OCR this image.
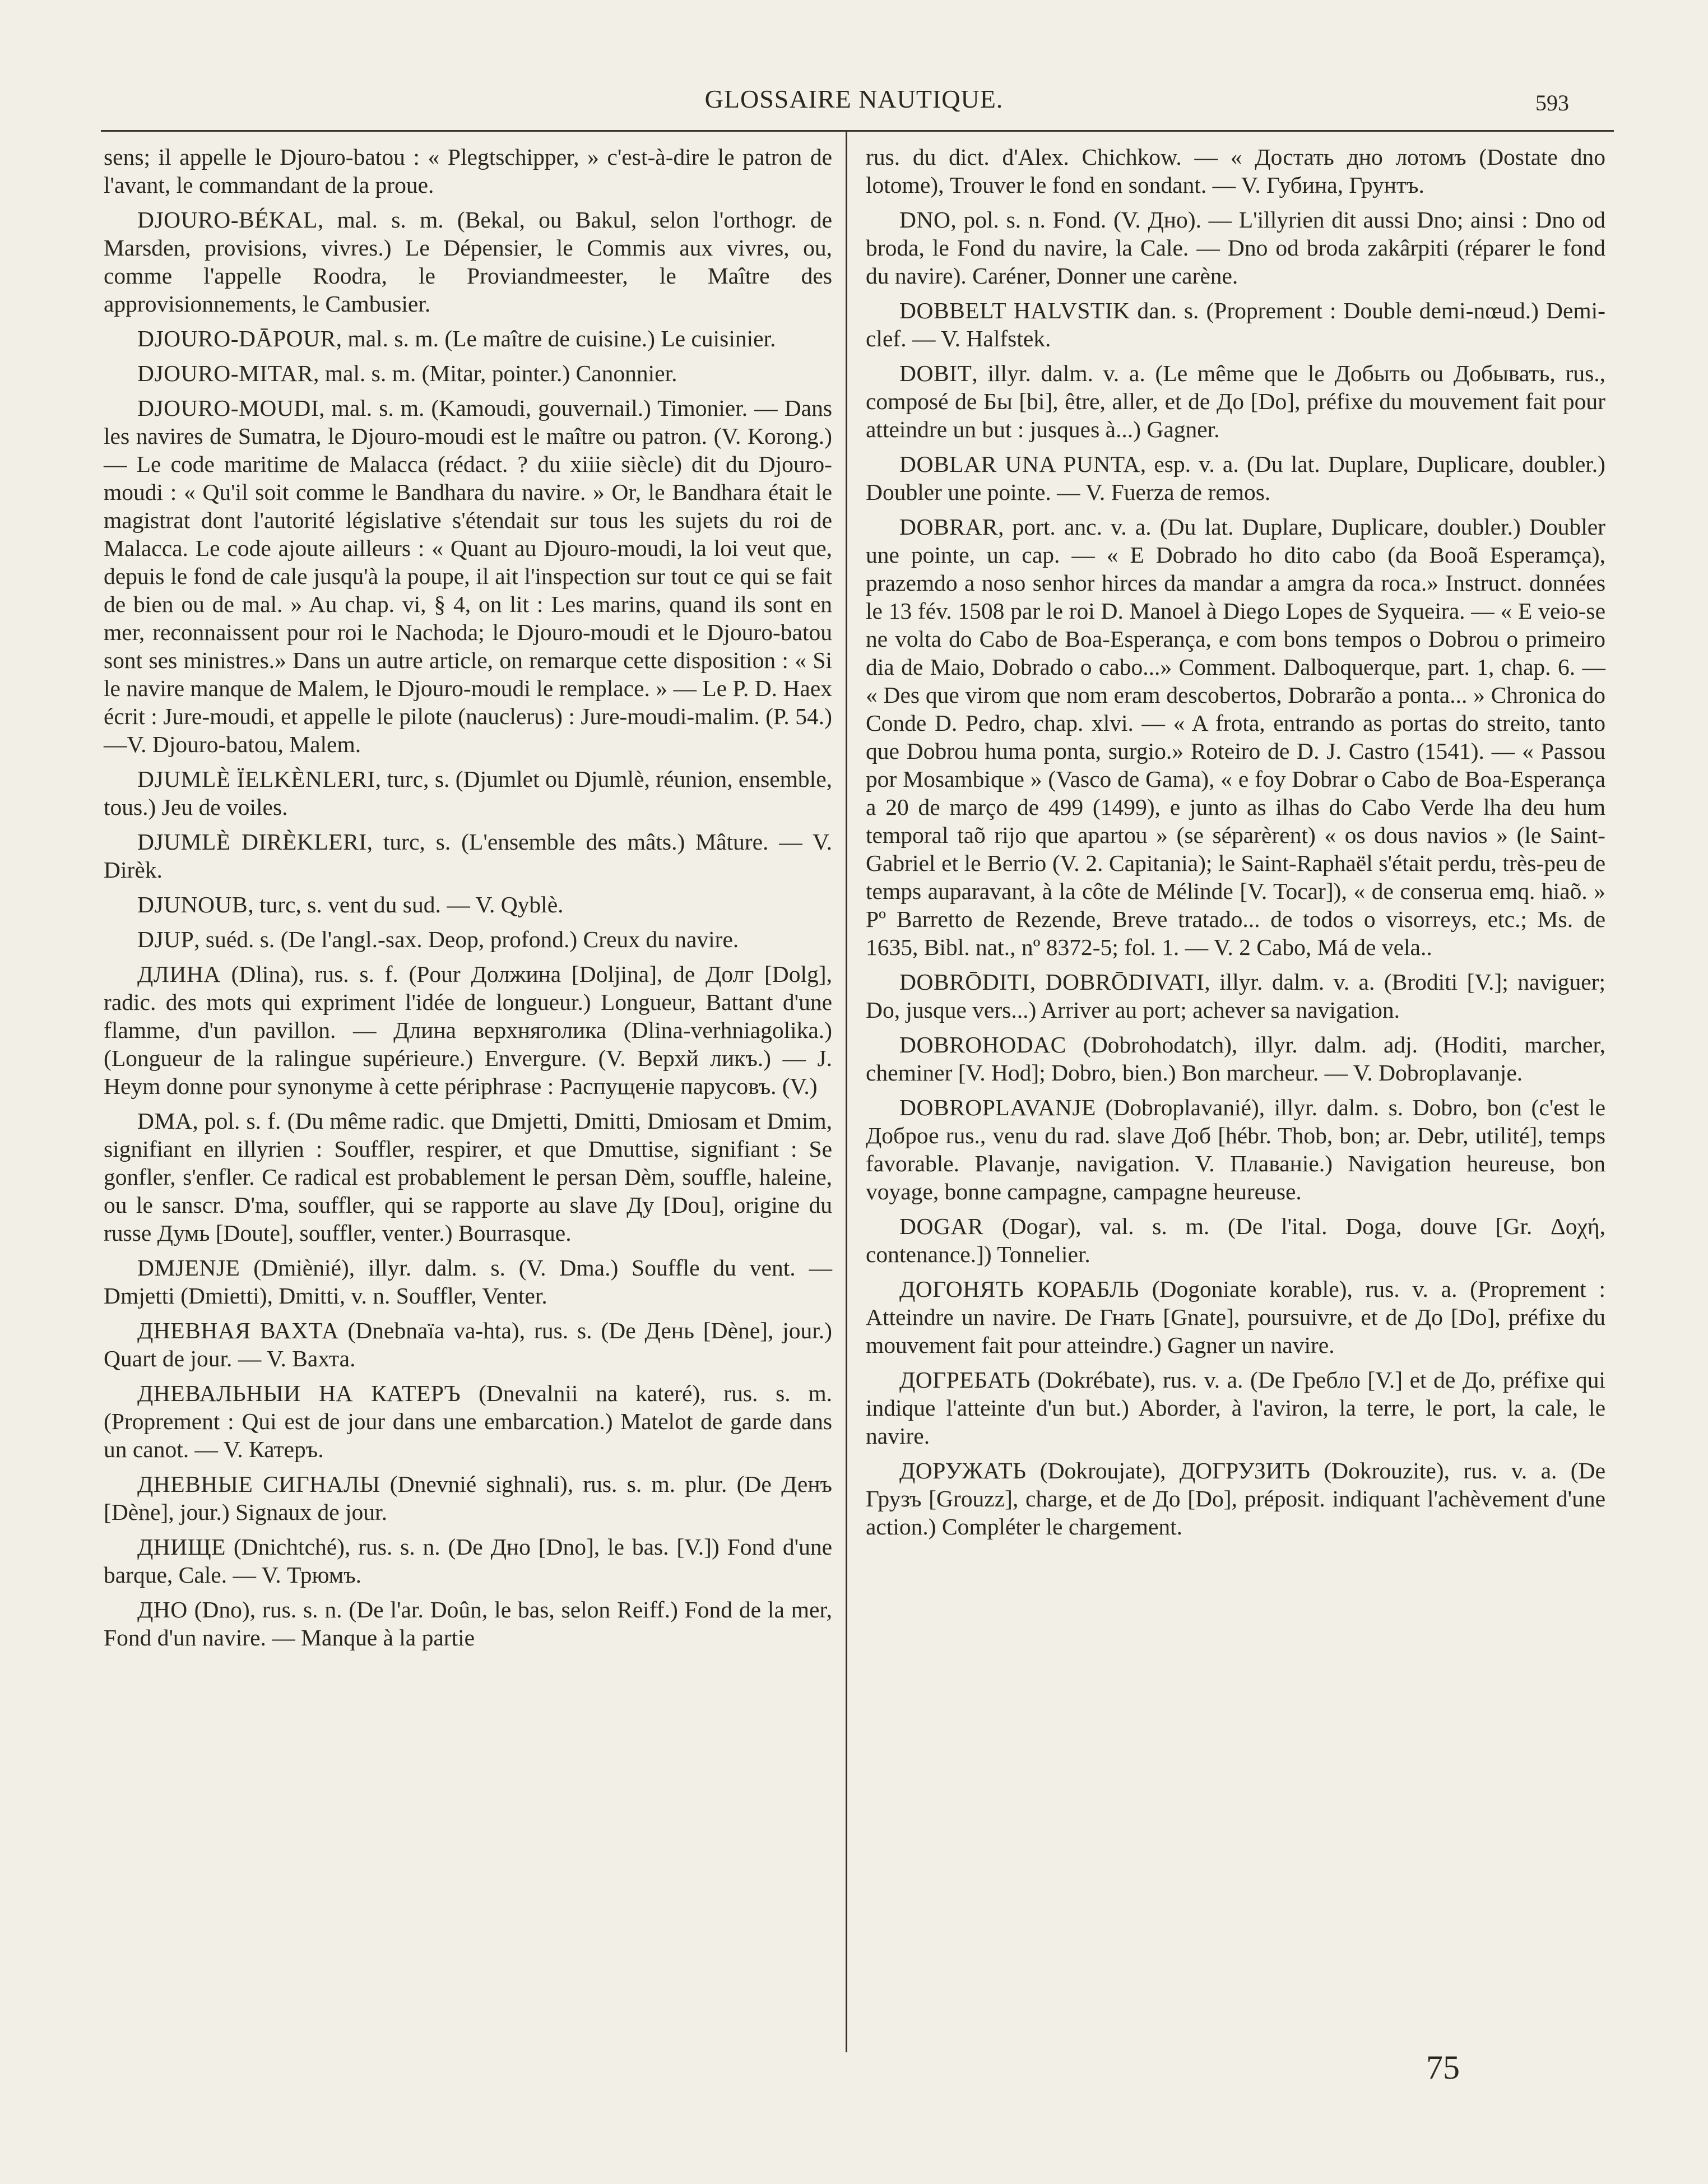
GLOSSAIRE NAUTIQUE.	593

sens; il appelle le Djouro-batou : « Plegtschipper, » c'est-à-dire le patron de l'avant, le commandant de la proue.

DJOURO-BÉKAL, mal. s. m. (Bekal, ou Bakul, selon l'orthogr. de Marsden, provisions, vivres.) Le Dépensier, le Commis aux vivres, ou, comme l'appelle Roodra, le Proviandmeester, le Maître des approvisionnements, le Cambusier.

DJOURO-DĀPOUR, mal. s. m. (Le maître de cuisine.) Le cuisinier.

DJOURO-MITAR, mal. s. m. (Mitar, pointer.) Canonnier.

DJOURO-MOUDI, mal. s. m. (Kamoudi, gouvernail.) Timonier. — Dans les navires de Sumatra, le Djouro-moudi est le maître ou patron. (V. Korong.) — Le code maritime de Malacca (rédact. ? du xiiie siècle) dit du Djouro-moudi : « Qu'il soit comme le Bandhara du navire. » Or, le Bandhara était le magistrat dont l'autorité législative s'étendait sur tous les sujets du roi de Malacca. Le code ajoute ailleurs : « Quant au Djouro-moudi, la loi veut que, depuis le fond de cale jusqu'à la poupe, il ait l'inspection sur tout ce qui se fait de bien ou de mal. » Au chap. vi, § 4, on lit : Les marins, quand ils sont en mer, reconnaissent pour roi le Nachoda; le Djouro-moudi et le Djouro-batou sont ses ministres.» Dans un autre article, on remarque cette disposition : « Si le navire manque de Malem, le Djouro-moudi le remplace. » — Le P. D. Haex écrit : Jure-moudi, et appelle le pilote (nauclerus) : Jure-moudi-malim. (P. 54.)—V. Djouro-batou, Malem.

DJUMLÈ ÏELKÈNLERI, turc, s. (Djumlet ou Djumlè, réunion, ensemble, tous.) Jeu de voiles.

DJUMLÈ DIRÈKLERI, turc, s. (L'ensemble des mâts.) Mâture. — V. Dirèk.

DJUNOUB, turc, s. vent du sud. — V. Qyblè.

DJUP, suéd. s. (De l'angl.-sax. Deop, profond.) Creux du navire.

ДЛИНА (Dlina), rus. s. f. (Pour Должина [Doljina], de Долг [Dolg], radic. des mots qui expriment l'idée de longueur.) Longueur, Battant d'une flamme, d'un pavillon. — Длина верхняголика (Dlina-verhniagolika.) (Longueur de la ralingue supérieure.) Envergure. (V. Верхй ликъ.) — J. Heym donne pour synonyme à cette périphrase : Распущеніе парусовъ. (V.)

DMA, pol. s. f. (Du même radic. que Dmjetti, Dmitti, Dmiosam et Dmim, signifiant en illyrien : Souffler, respirer, et que Dmuttise, signifiant : Se gonfler, s'enfler. Ce radical est probablement le persan Dèm, souffle, haleine, ou le sanscr. D'ma, souffler, qui se rapporte au slave Ду [Dou], origine du russe Думь [Doute], souffler, venter.) Bourrasque.

DMJENJE (Dmiènié), illyr. dalm. s. (V. Dma.) Souffle du vent. — Dmjetti (Dmietti), Dmitti, v. n. Souffler, Venter.

ДНЕВНАЯ ВАХТА (Dnebnaïa va-hta), rus. s. (De День [Dène], jour.) Quart de jour. — V. Вахта.

ДНЕВАЛЬНЫИ НА КАТЕРЪ (Dnevalnii na kateré), rus. s. m. (Proprement : Qui est de jour dans une embarcation.) Matelot de garde dans un canot. — V. Катеръ.

ДНЕВНЫЕ СИГНАЛЫ (Dnevnié sighnali), rus. s. m. plur. (De Денъ [Dène], jour.) Signaux de jour.

ДНИЩЕ (Dnichtché), rus. s. n. (De Дно [Dno], le bas. [V.]) Fond d'une barque, Cale. — V. Трюмъ.

ДНО (Dno), rus. s. n. (De l'ar. Doûn, le bas, selon Reiff.) Fond de la mer, Fond d'un navire. — Manque à la partie

rus. du dict. d'Alex. Chichkow. — « Достать дно лотомъ (Dostate dno lotome), Trouver le fond en sondant. — V. Губина, Грунтъ.

DNO, pol. s. n. Fond. (V. Дно). — L'illyrien dit aussi Dno; ainsi : Dno od broda, le Fond du navire, la Cale. — Dno od broda zakârpiti (réparer le fond du navire). Caréner, Donner une carène.

DOBBELT HALVSTIK dan. s. (Proprement : Double demi-nœud.) Demi-clef. — V. Halfstek.

DOBIT, illyr. dalm. v. a. (Le même que le Добыть ou Добывать, rus., composé de Бы [bi], être, aller, et de До [Do], préfixe du mouvement fait pour atteindre un but : jusques à...) Gagner.

DOBLAR UNA PUNTA, esp. v. a. (Du lat. Duplare, Duplicare, doubler.) Doubler une pointe. — V. Fuerza de remos.

DOBRAR, port. anc. v. a. (Du lat. Duplare, Duplicare, doubler.) Doubler une pointe, un cap. — « E Dobrado ho dito cabo (da Booã Esperamça), prazemdo a noso senhor hirces da mandar a amgra da roca.» Instruct. données le 13 fév. 1508 par le roi D. Manoel à Diego Lopes de Syqueira. — « E veio-se ne volta do Cabo de Boa-Esperança, e com bons tempos o Dobrou o primeiro dia de Maio, Dobrado o cabo...» Comment. Dalboquerque, part. 1, chap. 6. — « Des que virom que nom eram descobertos, Dobrarão a ponta... » Chronica do Conde D. Pedro, chap. xlvi. — « A frota, entrando as portas do streito, tanto que Dobrou huma ponta, surgio.» Roteiro de D. J. Castro (1541). — « Passou por Mosambique » (Vasco de Gama), « e foy Dobrar o Cabo de Boa-Esperança a 20 de março de 499 (1499), e junto as ilhas do Cabo Verde lha deu hum temporal taõ rijo que apartou » (se séparèrent) « os dous navios » (le Saint-Gabriel et le Berrio (V. 2. Capitania); le Saint-Raphaël s'était perdu, très-peu de temps auparavant, à la côte de Mélinde [V. Tocar]), « de conserua emq. hiaõ. » Pº Barretto de Rezende, Breve tratado... de todos o visorreys, etc.; Ms. de 1635, Bibl. nat., nº 8372-5; fol. 1. — V. 2 Cabo, Má de vela..

DOBRŌDITI, DOBRŌDIVATI, illyr. dalm. v. a. (Broditi [V.]; naviguer; Do, jusque vers...) Arriver au port; achever sa navigation.

DOBROHODAC (Dobrohodatch), illyr. dalm. adj. (Hoditi, marcher, cheminer [V. Hod]; Dobro, bien.) Bon marcheur. — V. Dobroplavanje.

DOBROPLAVANJE (Dobroplavanié), illyr. dalm. s. Dobro, bon (c'est le Доброе rus., venu du rad. slave Доб [hébr. Thob, bon; ar. Debr, utilité], temps favorable. Plavanje, navigation. V. Плаваніе.) Navigation heureuse, bon voyage, bonne campagne, campagne heureuse.

DOGAR (Dogar), val. s. m. (De l'ital. Doga, douve [Gr. Δοχή, contenance.]) Tonnelier.

ДОГОНЯТЬ КОРАБЛЬ (Dogoniate korable), rus. v. a. (Proprement : Atteindre un navire. De Гнать [Gnate], poursuivre, et de До [Do], préfixe du mouvement fait pour atteindre.) Gagner un navire.

ДОГРЕБАТЬ (Dokrébate), rus. v. a. (De Гребло [V.] et de До, préfixe qui indique l'atteinte d'un but.) Aborder, à l'aviron, la terre, le port, la cale, le navire.

ДОРУЖАТЬ (Dokroujate), ДОГРУЗИТЬ (Dokrouzite), rus. v. a. (De Грузъ [Grouzz], charge, et de До [Do], préposit. indiquant l'achèvement d'une action.) Compléter le chargement.

75
